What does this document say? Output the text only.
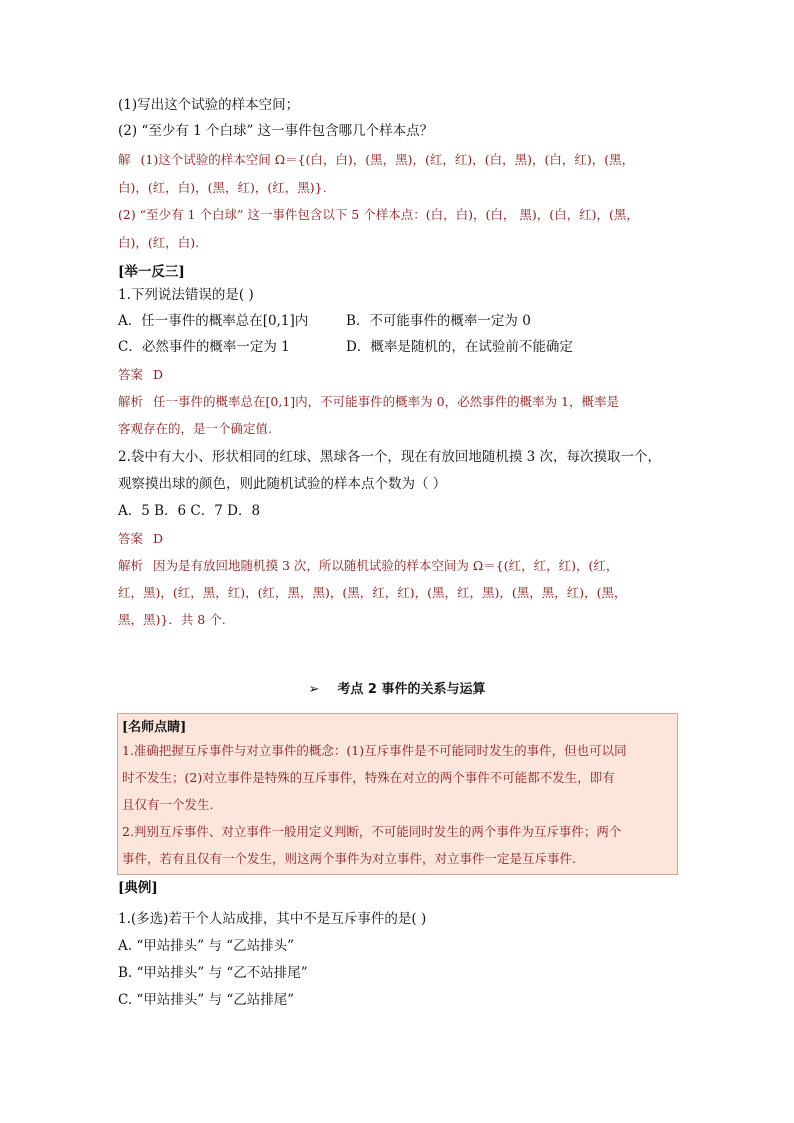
(1)写出这个试验的样本空间；
(2) “至少有 1 个白球” 这一事件包含哪几个样本点？
解 (1)这个试验的样本空间 Ω＝{(白，白)，(黑，黑)，(红，红)，(白，黑)，(白，红)，(黑，
白)，(红，白)，(黑，红)，(红，黑)}.
(2) “至少有 1 个白球” 这一事件包含以下 5 个样本点：(白，白)，(白， 黑)，(白，红)，(黑，
白)，(红，白).
[举一反三]
1.下列说法错误的是( )
A．任一事件的概率总在[0,1]内	B．不可能事件的概率一定为 0
C．必然事件的概率一定为 1	D．概率是随机的，在试验前不能确定
答案 D
解析 任一事件的概率总在[0,1]内，不可能事件的概率为 0，必然事件的概率为 1，概率是
客观存在的，是一个确定值.
2.袋中有大小、形状相同的红球、黑球各一个，现在有放回地随机摸 3 次，每次摸取一个，
观察摸出球的颜色，则此随机试验的样本点个数为（ ）
A．5 B．6 C．7 D．8
答案 D
解析 因为是有放回地随机摸 3 次，所以随机试验的样本空间为 Ω＝{(红，红，红)，(红，
红，黑)，(红，黑，红)，(红，黑，黑)，(黑，红，红)，(黑，红，黑)，(黑，黑，红)，(黑，
黑，黑)}．共 8 个.
➢ 考点 2 事件的关系与运算
[名师点睛]
1.准确把握互斥事件与对立事件的概念：(1)互斥事件是不可能同时发生的事件，但也可以同
时不发生；(2)对立事件是特殊的互斥事件，特殊在对立的两个事件不可能都不发生，即有
且仅有一个发生.
2.判别互斥事件、对立事件一般用定义判断，不可能同时发生的两个事件为互斥事件；两个
事件，若有且仅有一个发生，则这两个事件为对立事件，对立事件一定是互斥事件.
[典例]
1.(多选)若干个人站成排，其中不是互斥事件的是( )
A. “甲站排头” 与 “乙站排头”
B. “甲站排头” 与 “乙不站排尾”
C. “甲站排头” 与 “乙站排尾”
